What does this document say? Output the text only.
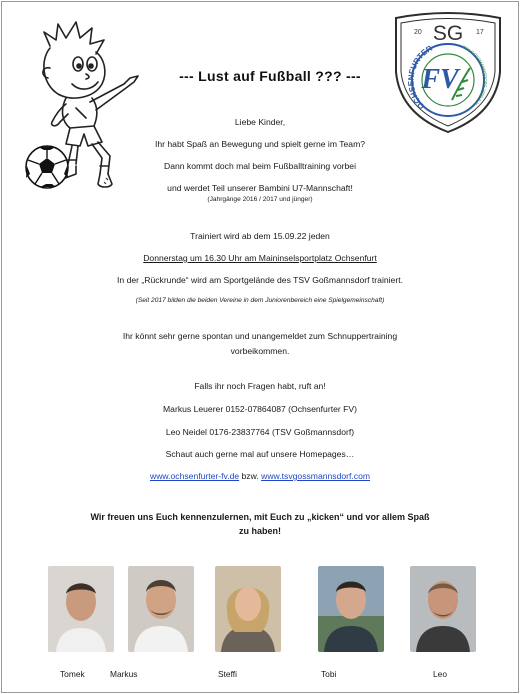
--- Lust auf Fußball ??? ---
20 SG 17
OCHSENFURTER	TSV GOSSMANNSDORF 1920 E.V.
FV
Liebe Kinder,
Ihr habt Spaß an Bewegung und spielt gerne im Team?
Dann kommt doch mal beim Fußballtraining vorbei
und werdet Teil unserer Bambini U7-Mannschaft!
(Jahrgänge 2016 / 2017 und jünger)
Trainiert wird ab dem 15.09.22 jeden
Donnerstag um 16.30 Uhr am Maininselsportplatz Ochsenfurt
In der „Rückrunde“ wird am Sportgelände des TSV Goßmannsdorf trainiert.
(Seit 2017 bilden die beiden Vereine in dem Juniorenbereich eine Spielgemeinschaft)
Ihr könnt sehr gerne spontan und unangemeldet zum Schnuppertraining
vorbeikommen.
Falls ihr noch Fragen habt, ruft an!
Markus Leuerer 0152-07864087 (Ochsenfurter FV)
Leo Neidel 0176-23837764 (TSV Goßmannsdorf)
Schaut auch gerne mal auf unsere Homepages…
www.ochsenfurter-fv.de bzw. www.tsvgossmannsdorf.com
Wir freuen uns Euch kennenzulernen, mit Euch zu „kicken“ und vor allem Spaß
zu haben!
Tomek	Markus	Steffi	Tobi	Leo
